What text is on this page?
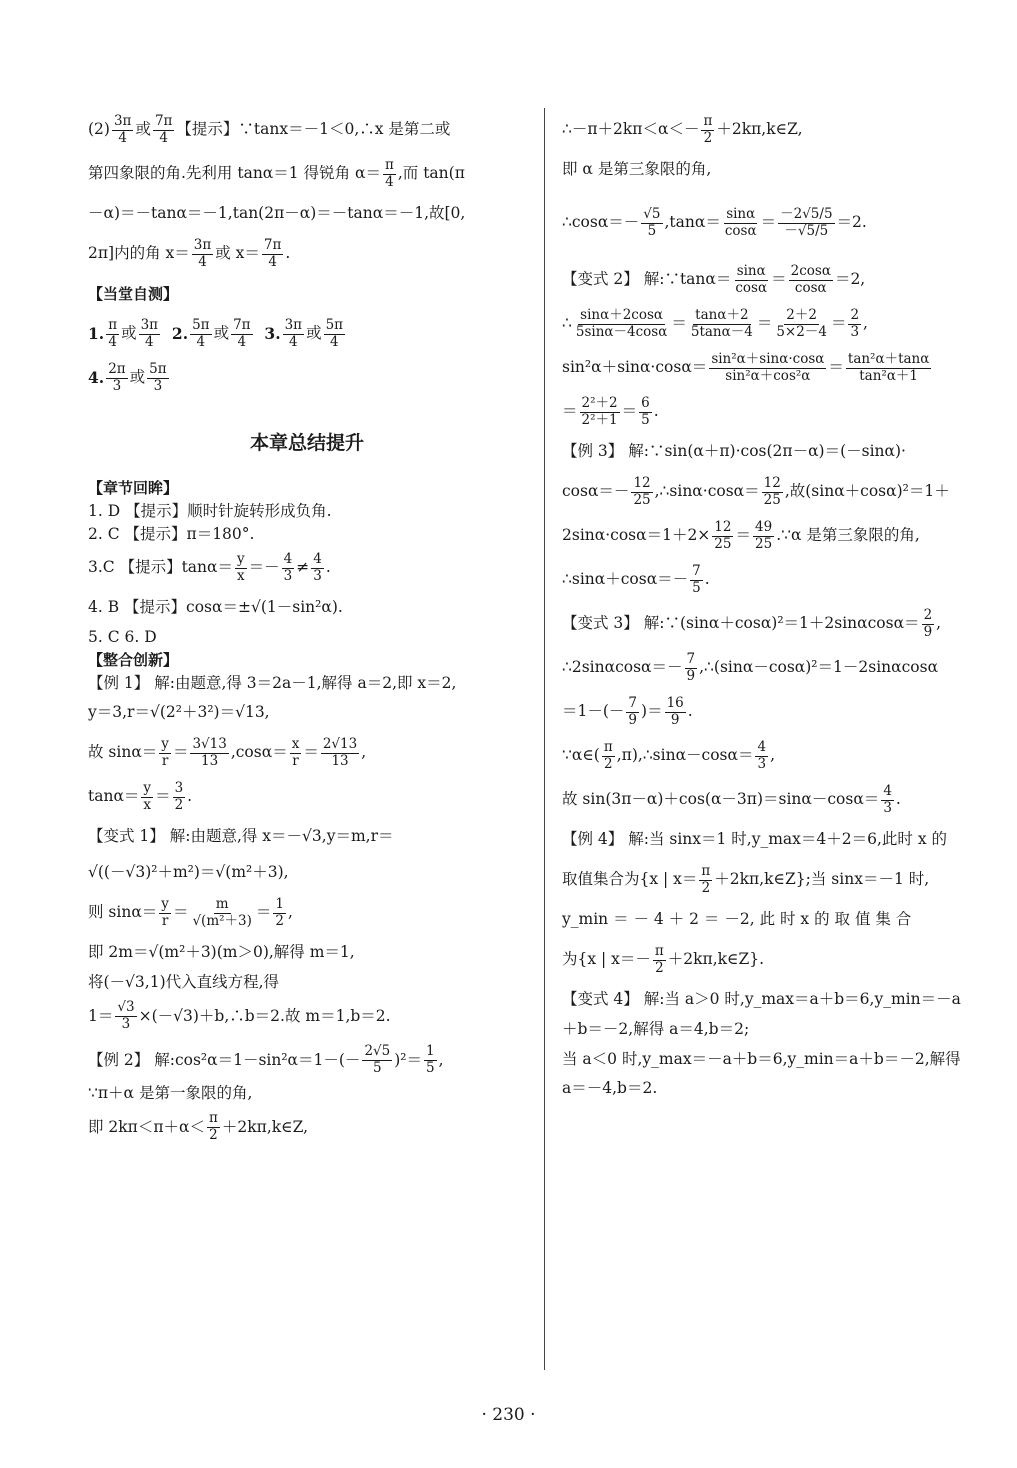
$(2) \frac{3\pi}{4}$ 或 $\frac{7\pi}{4}$ 【提示】∵tanx＝－1＜0,∴x 是第二或

第四象限的角.先利用 tanα＝1 得锐角 $\alpha= \frac{\pi}{4}$ ,而 tan(π

－α)＝－tanα＝－1,tan(2π－α)＝－tanα＝－1,故[0,

2π]内的角 $x= \frac{3\pi}{4}$ 或 $x= \frac{7\pi}{4}$ .

【当堂自测】

1. $\frac{\pi}{4}$ 或 $\frac{3\pi}{4}$
2. $\frac{5\pi}{4}$ 或 $\frac{7\pi}{4}$
3. $\frac{3\pi}{4}$ 或 $\frac{5\pi}{4}$

4. $\frac{2\pi}{3}$ 或 $\frac{5\pi}{3}$

本章总结提升

【章节回眸】

1. D 【提示】顺时针旋转形成负角.

2. C 【提示】π＝180°.

3.C 【提示】$\tan\alpha= \frac{y}{x} =- \frac{4}{3} \ne \frac{4}{3}$ .

4. B 【提示】cosα＝±√(1－sin²α).

5. C 6. D

【整合创新】

【例 1】 解:由题意,得 3＝2a－1,解得 a＝2,即 x＝2,

y＝3,r＝√(2²＋3²)＝√13,

故 $\sin\alpha= \frac{y}{r} = \frac{3√13}{13} ,\cos\alpha= \frac{x}{r} = \frac{2√13}{13}$ ,

$\tan\alpha= \frac{y}{x} = \frac{3}{2}$ .

【变式 1】 解:由题意,得 x＝－√3,y＝m,r＝

√((－√3)²＋m²)＝√(m²＋3),

则 $\sin\alpha= \frac{y}{r} = \frac{m}{\text{√(m²＋3)}} = \frac{1}{2}$ ,

即 2m＝√(m²＋3)(m＞0),解得 m＝1,

将(－√3,1)代入直线方程,得

$1= \frac{√3}{3}$ ×(－√3)＋b,∴b＝2.故 m＝1,b＝2.

【例 2】 解:cos²α＝1－sin²α＝1－(－ $\frac{2√5}{5} )^2= \frac{1}{5}$ ,

∵π＋α 是第一象限的角,

即 $2k\pi<\pi+\alpha< \frac{\pi}{2}$ ＋2kπ,k∈Z,

∴－π＋2kπ＜α＜－ $\frac{\pi}{2}$ ＋2kπ,k∈Z,

即 α 是第三象限的角,

∴cosα＝－ $\frac{√5}{5} ,\tan\alpha= \frac{\sin\alpha}{\cos\alpha} = \frac{-2√5/5}{-√5/5} =2$.

【变式 2】 解:∵tanα＝ $\frac{\sin\alpha}{\cos\alpha} = \frac{2\cos\alpha}{\cos\alpha} =2$,

∴ $\frac{\sin\alpha+2\cos\alpha}{5\sin\alpha-4\cos\alpha} = \frac{\tan\alpha+2}{5\tan\alpha-4} = \frac{2+2}{5\times 2-4} = \frac{2}{3}$ ,

$\sin^2\alpha+\sin\alpha\cdot\cos\alpha= \frac{\text{sin²α＋sinα·cosα}}{\text{sin²α＋cos²α}} = \frac{\text{tan²α＋tanα}}{\text{tan²α＋1}}$

＝ $\frac{\text{2²＋2}}{\text{2²＋1}} = \frac{6}{5}$ .

【例 3】 解:∵sin(α＋π)·cos(2π－α)＝(－sinα)·

$\cos\alpha=- \frac{12}{25}$ ,∴sinα·cosα＝ $\frac{12}{25}$ ,故(sinα＋cosα)²＝1＋

$2\sin\alpha\cdot\cos\alpha=1+2\times \frac{12}{25} = \frac{49}{25}$ .∵α 是第三象限的角,

∴sinα＋cosα＝－ $\frac{7}{5}$ .

【变式 3】 解:∵(sinα＋cosα)²＝1＋2sinαcosα＝ $\frac{2}{9}$ ,

∴2sinαcosα＝－ $\frac{7}{9}$ ,∴(sinα－cosα)²＝1－2sinαcosα

$=1-(- \frac{7}{9}$ )＝ $\frac{16}{9}$ .

∵α∈( $\frac{\pi}{2}$ ,π),∴sinα－cosα＝ $\frac{4}{3}$ ,

故 $\sin(3\pi-\alpha)+\cos(\alpha-3\pi)=\sin\alpha-\cos\alpha= \frac{4}{3}$ .

【例 4】 解:当 sinx＝1 时,y_max＝4＋2＝6,此时 x 的

取值集合为{x | $x= \frac{\pi}{2}$ ＋2kπ,k∈Z};当 sinx＝－1 时,

y_min ＝ － 4 ＋ 2 ＝ －2, 此 时 x 的 取 值 集 合

为{x | $x=- \frac{\pi}{2}$ ＋2kπ,k∈Z}.

【变式 4】 解:当 a＞0 时,y_max＝a＋b＝6,y_min＝－a

＋b＝－2,解得 a＝4,b＝2;

当 a＜0 时,y_max＝－a＋b＝6,y_min＝a＋b＝－2,解得

a＝－4,b＝2.

· 230 ·
